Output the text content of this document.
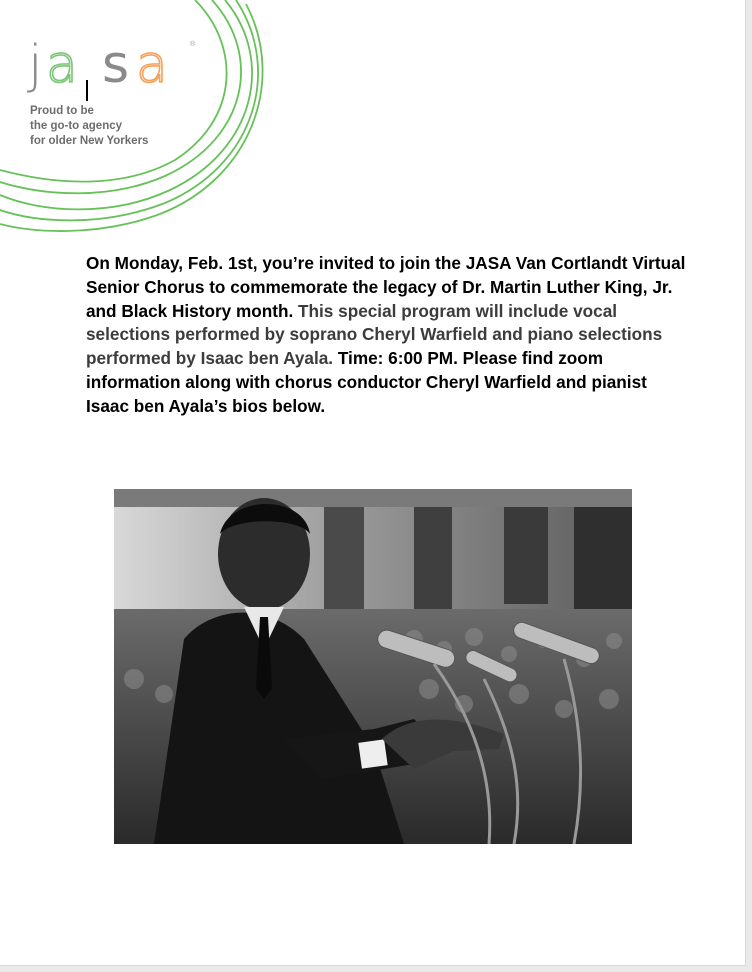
j a s a	®
Proud to be
the go-to agency
for older New Yorkers

On Monday, Feb. 1st, you’re invited to join the JASA Van Cortlandt Virtual Senior Chorus to commemorate the legacy of Dr. Martin Luther King, Jr. and Black History month. This special program will include vocal selections performed by soprano Cheryl Warfield and piano selections performed by Isaac ben Ayala. Time: 6:00 PM. Please find zoom information along with chorus conductor Cheryl Warfield and pianist Isaac ben Ayala’s bios below.
